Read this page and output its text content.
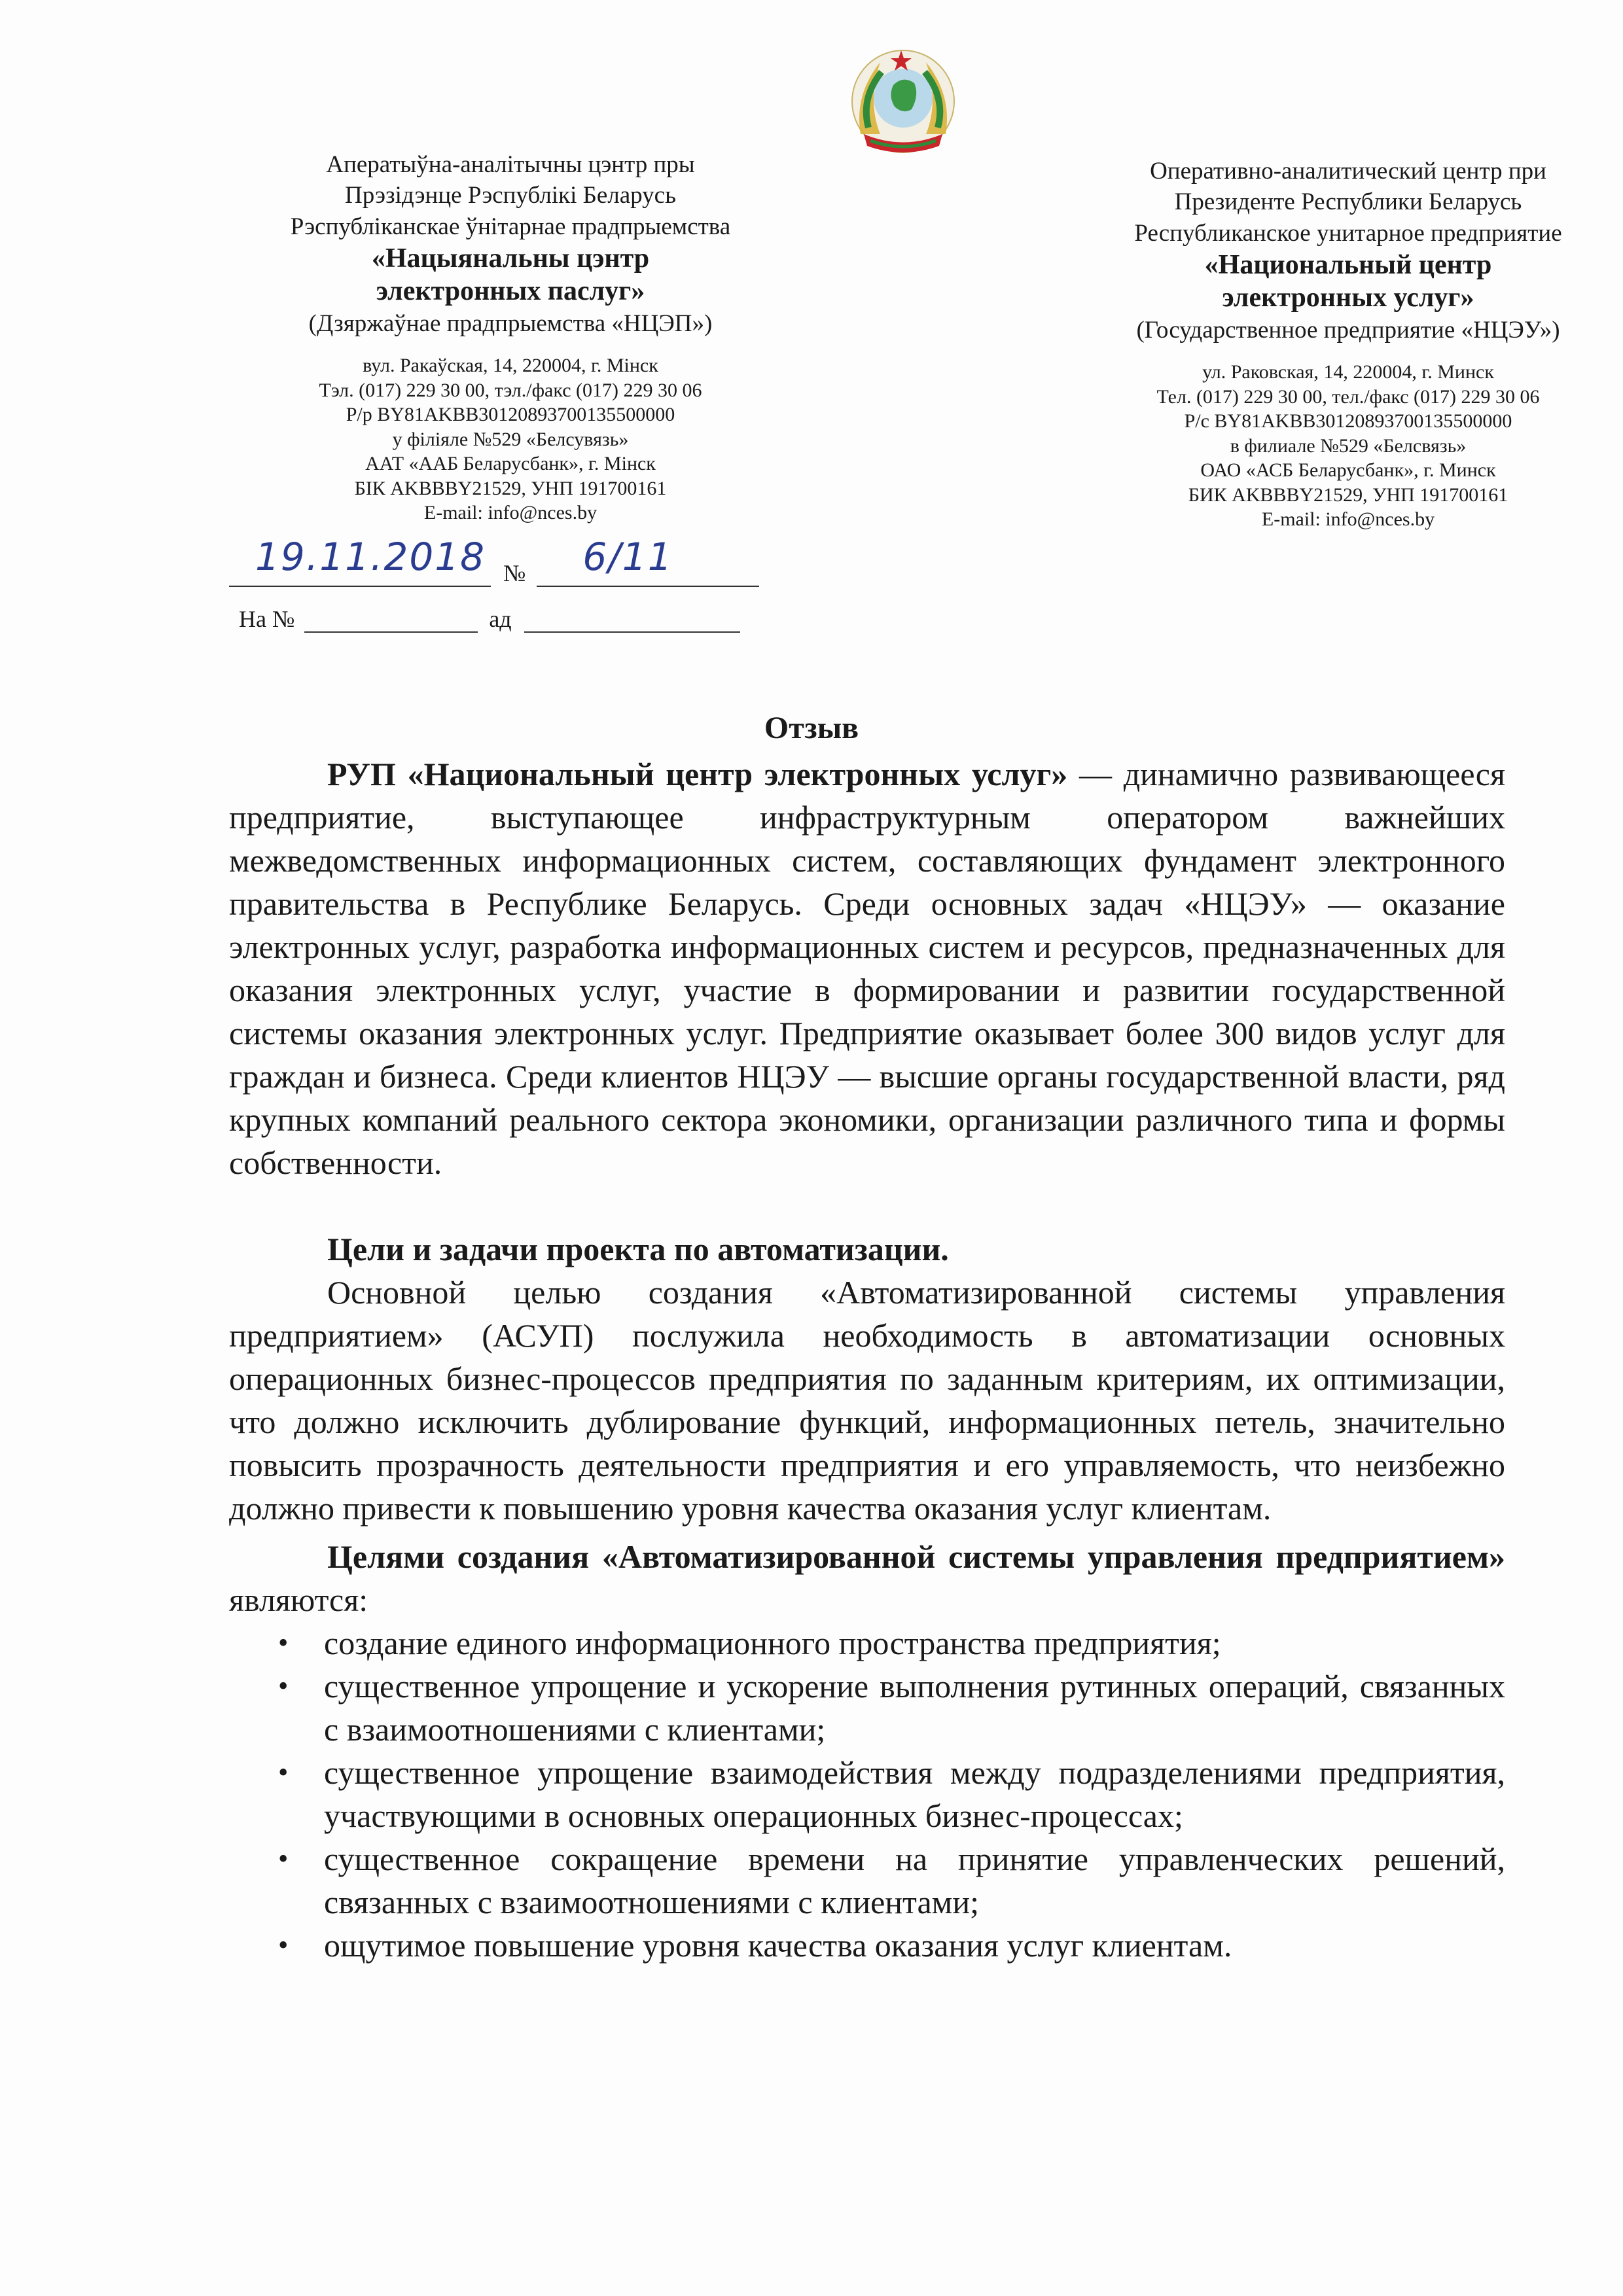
Аператыўна-аналітычны цэнтр пры

Прэзідэнце Рэспублікі Беларусь

Рэспубліканскае ўнітарнае прадпрыемства

«Нацыянальны цэнтр

электронных паслуг»

(Дзяржаўнае прадпрыемства «НЦЭП»)

вул. Ракаўская, 14, 220004, г. Мінск

Тэл. (017) 229 30 00, тэл./факс (017) 229 30 06

Р/р BY81AKBB30120893700135500000

у філіяле №529 «Белсувязь»

ААТ «ААБ Беларусбанк», г. Мінск

БІК AKBBBY21529, УНП 191700161

E-mail: info@nces.by

Оперативно-аналитический центр при

Президенте Республики Беларусь

Республиканское унитарное предприятие

«Национальный центр

электронных услуг»

(Государственное предприятие «НЦЭУ»)

ул. Раковская, 14, 220004, г. Минск

Тел. (017) 229 30 00, тел./факс (017) 229 30 06

Р/с BY81AKBB30120893700135500000

в филиале №529 «Белсвязь»

ОАО «АСБ Беларусбанк», г. Минск

БИК AKBBBY21529, УНП 191700161

E-mail: info@nces.by

19.11.2018 № 6/11
На №	ад
Отзыв

РУП «Национальный центр электронных услуг» — динамично развивающееся предприятие, выступающее инфраструктурным оператором важнейших межведомственных информационных систем, составляющих фундамент электронного правительства в Республике Беларусь. Среди основных задач «НЦЭУ» — оказание электронных услуг, разработка информационных систем и ресурсов, предназначенных для оказания электронных услуг, участие в формировании и развитии государственной системы оказания электронных услуг. Предприятие оказывает более 300 видов услуг для граждан и бизнеса. Среди клиентов НЦЭУ — высшие органы государственной власти, ряд крупных компаний реального сектора экономики, организации различного типа и формы собственности.

Цели и задачи проекта по автоматизации.

Основной целью создания «Автоматизированной системы управления предприятием» (АСУП) послужила необходимость в автоматизации основных операционных бизнес-процессов предприятия по заданным критериям, их оптимизации, что должно исключить дублирование функций, информационных петель, значительно повысить прозрачность деятельности предприятия и его управляемость, что неизбежно должно привести к повышению уровня качества оказания услуг клиентам.

Целями создания «Автоматизированной системы управления предприятием» являются:

• создание единого информационного пространства предприятия;
• существенное упрощение и ускорение выполнения рутинных операций, связанных с взаимоотношениями с клиентами;
• существенное упрощение взаимодействия между подразделениями предприятия, участвующими в основных операционных бизнес-процессах;
• существенное сокращение времени на принятие управленческих решений, связанных с взаимоотношениями с клиентами;
• ощутимое повышение уровня качества оказания услуг клиентам.
